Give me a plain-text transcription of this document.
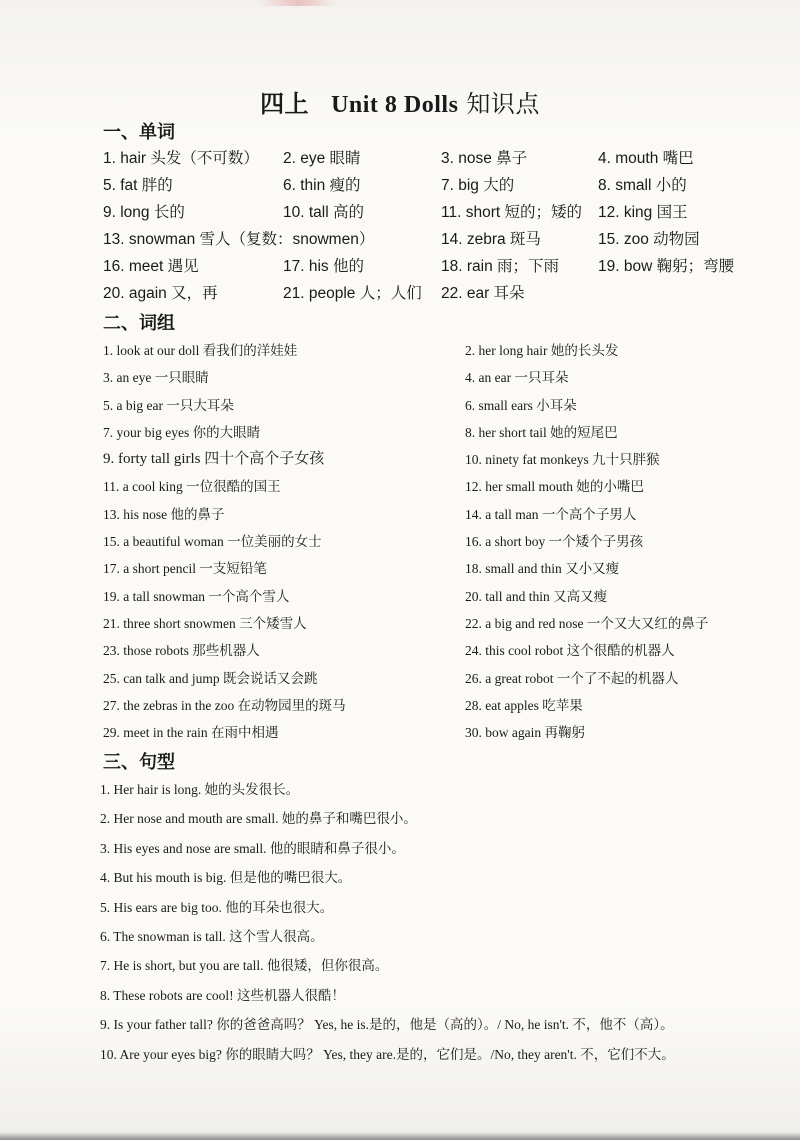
四上 Unit 8 Dolls 知识点
一、单词
1. hair 头发（不可数）	2. eye 眼睛	3. nose 鼻子	4. mouth 嘴巴
5. fat 胖的	6. thin 瘦的	7. big 大的	8. small 小的
9. long 长的	10. tall 高的	11. short 短的；矮的	12. king 国王
13. snowman 雪人（复数：snowmen）	14. zebra 斑马	15. zoo 动物园
16. meet 遇见	17. his 他的	18. rain 雨；下雨	19. bow 鞠躬；弯腰
20. again 又，再	21. people 人；人们	22. ear 耳朵
二、词组
1. look at our doll 看我们的洋娃娃	2. her long hair 她的长头发
3. an eye 一只眼睛	4. an ear 一只耳朵
5. a big ear 一只大耳朵	6. small ears 小耳朵
7. your big eyes 你的大眼睛	8. her short tail 她的短尾巴
9. forty tall girls 四十个高个子女孩	10. ninety fat monkeys 九十只胖猴
11. a cool king 一位很酷的国王	12. her small mouth 她的小嘴巴
13. his nose 他的鼻子	14. a tall man 一个高个子男人
15. a beautiful woman 一位美丽的女士	16. a short boy 一个矮个子男孩
17. a short pencil 一支短铅笔	18. small and thin 又小又瘦
19. a tall snowman 一个高个雪人	20. tall and thin 又高又瘦
21. three short snowmen 三个矮雪人	22. a big and red nose 一个又大又红的鼻子
23. those robots 那些机器人	24. this cool robot 这个很酷的机器人
25. can talk and jump 既会说话又会跳	26. a great robot 一个了不起的机器人
27. the zebras in the zoo 在动物园里的斑马	28. eat apples 吃苹果
29. meet in the rain 在雨中相遇	30. bow again 再鞠躬
三、句型
1. Her hair is long. 她的头发很长。
2. Her nose and mouth are small. 她的鼻子和嘴巴很小。
3. His eyes and nose are small. 他的眼睛和鼻子很小。
4. But his mouth is big. 但是他的嘴巴很大。
5. His ears are big too. 他的耳朵也很大。
6. The snowman is tall. 这个雪人很高。
7. He is short, but you are tall. 他很矮，但你很高。
8. These robots are cool! 这些机器人很酷！
9. Is your father tall? 你的爸爸高吗？ Yes, he is.是的，他是（高的）。/ No, he isn't. 不，他不（高）。
10. Are your eyes big? 你的眼睛大吗？ Yes, they are.是的，它们是。/No, they aren't. 不，它们不大。
